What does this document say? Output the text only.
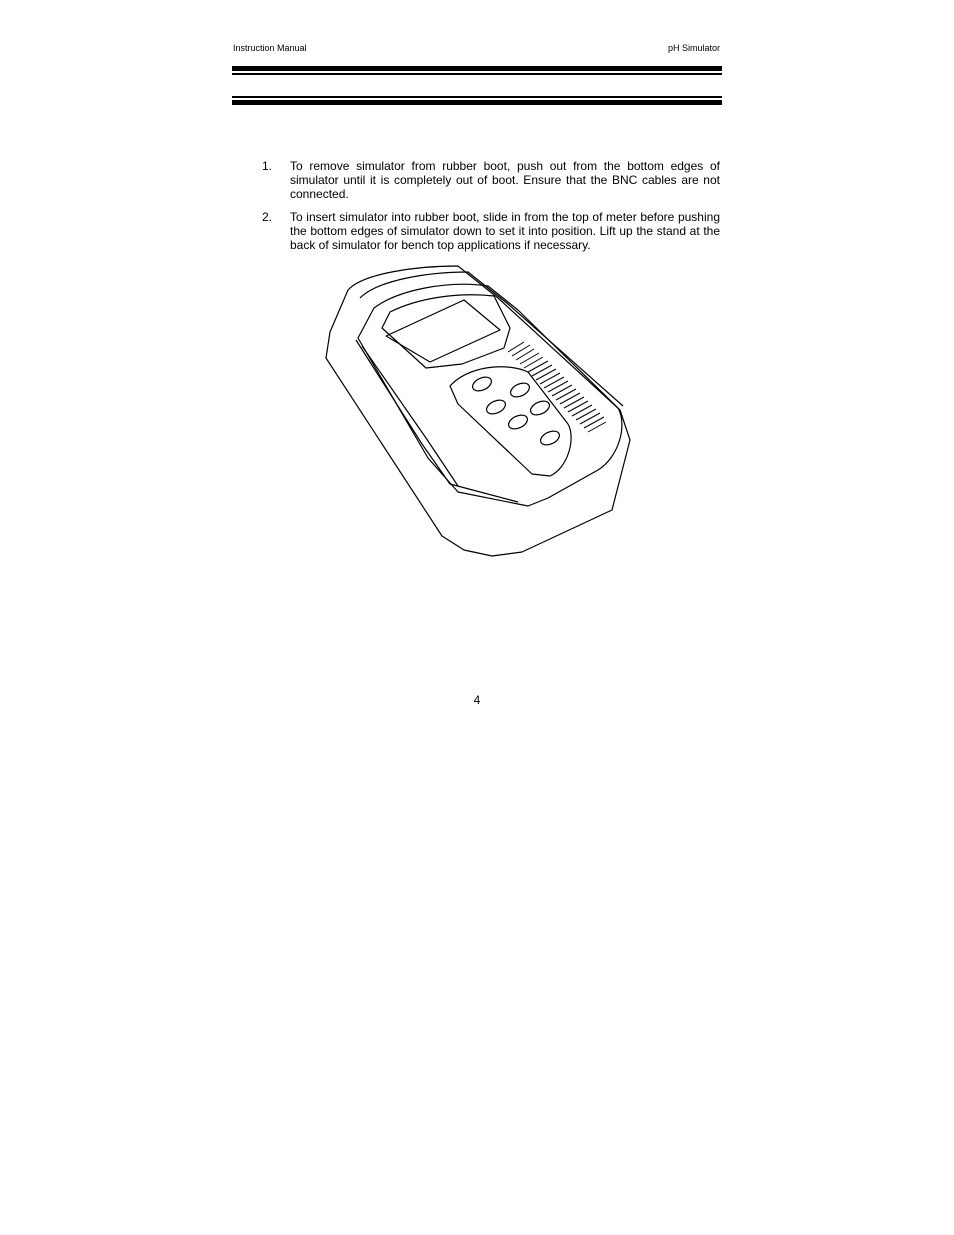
Instruction Manual	pH Simulator
1.	To remove simulator from rubber boot, push out from the bottom edges of simulator until it is completely out of boot. Ensure that the BNC cables are not connected.
2.	To insert simulator into rubber boot, slide in from the top of meter before pushing the bottom edges of simulator down to set it into position. Lift up the stand at the back of simulator for bench top applications if necessary.
4
